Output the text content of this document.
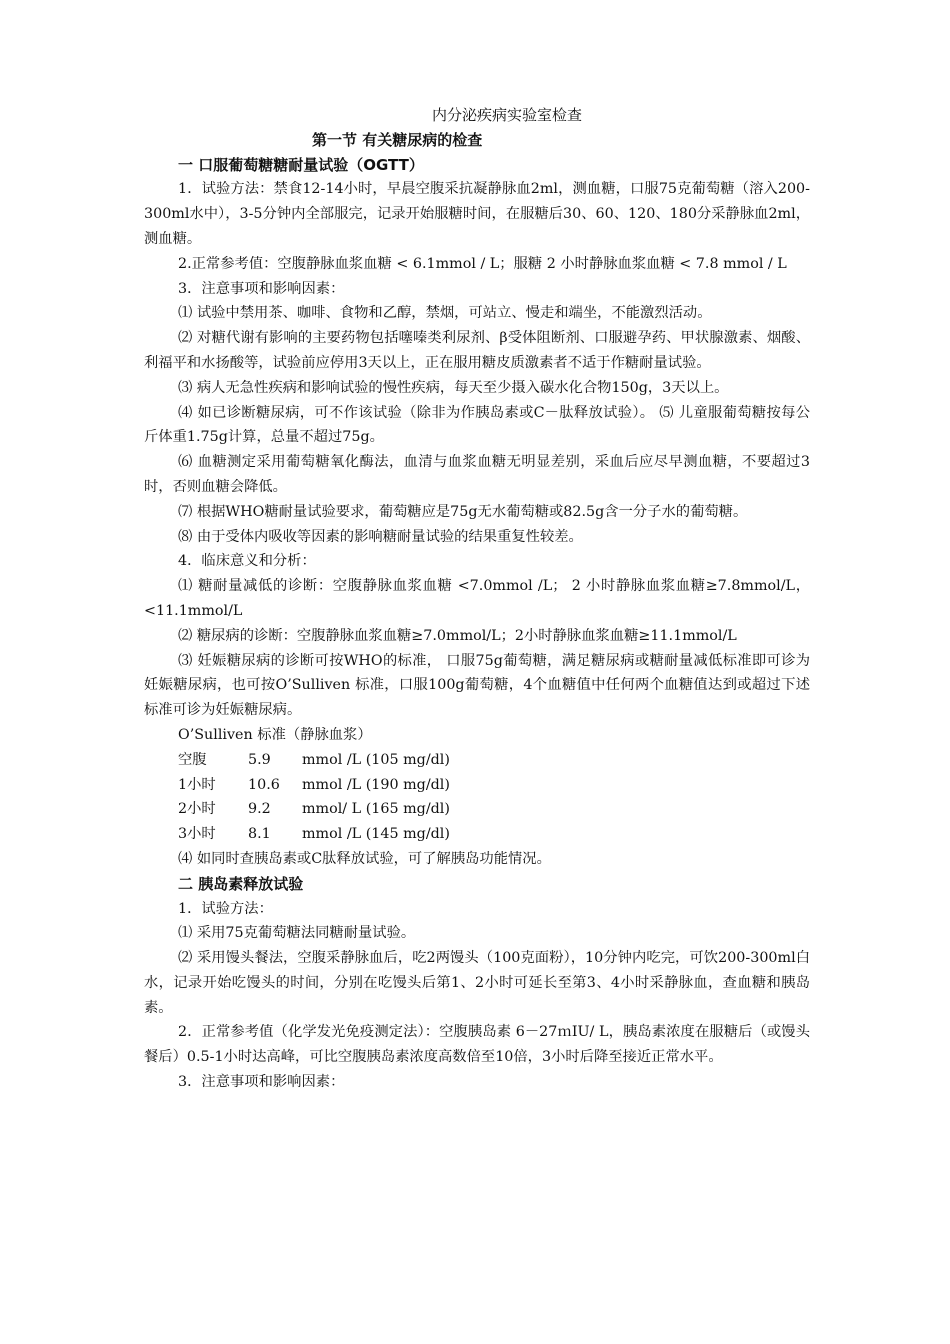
内分泌疾病实验室检查
第一节 有关糖尿病的检查
一 口服葡萄糖糖耐量试验（OGTT）

1．试验方法：禁食12-14小时，早晨空腹采抗凝静脉血2ml，测血糖，口服75克葡萄糖（溶入200-300ml水中），3-5分钟内全部服完，记录开始服糖时间，在服糖后30、60、120、180分采静脉血2ml，测血糖。

2.正常参考值：空腹静脉血浆血糖 < 6.1mmol / L；服糖 2 小时静脉血浆血糖 < 7.8 mmol / L

3．注意事项和影响因素：

⑴ 试验中禁用茶、咖啡、食物和乙醇，禁烟，可站立、慢走和端坐，不能激烈活动。

⑵ 对糖代谢有影响的主要药物包括噻嗪类利尿剂、β受体阻断剂、口服避孕药、甲状腺激素、烟酸、利福平和水扬酸等，试验前应停用3天以上，正在服用糖皮质激素者不适于作糖耐量试验。

⑶ 病人无急性疾病和影响试验的慢性疾病，每天至少摄入碳水化合物150g，3天以上。

⑷ 如已诊断糖尿病，可不作该试验（除非为作胰岛素或C－肽释放试验）。 ⑸ 儿童服葡萄糖按每公斤体重1.75g计算，总量不超过75g。

⑹ 血糖测定采用葡萄糖氧化酶法，血清与血浆血糖无明显差别，采血后应尽早测血糖，不要超过3时，否则血糖会降低。

⑺ 根据WHO糖耐量试验要求，葡萄糖应是75g无水葡萄糖或82.5g含一分子水的葡萄糖。

⑻ 由于受体内吸收等因素的影响糖耐量试验的结果重复性较差。

4．临床意义和分析：

⑴ 糖耐量减低的诊断：空腹静脉血浆血糖 <7.0mmol /L； 2 小时静脉血浆血糖≥7.8mmol/L，<11.1mmol/L

⑵ 糖尿病的诊断：空腹静脉血浆血糖≥7.0mmol/L；2小时静脉血浆血糖≥11.1mmol/L

⑶ 妊娠糖尿病的诊断可按WHO的标准， 口服75g葡萄糖，满足糖尿病或糖耐量减低标准即可诊为妊娠糖尿病，也可按O’Sulliven 标准，口服100g葡萄糖，4个血糖值中任何两个血糖值达到或超过下述标准可诊为妊娠糖尿病。

O’Sulliven 标准（静脉血浆）

空腹	5.9 mmol /L (105 mg/dl)
1小时 10.6 mmol /L (190 mg/dl)
2小时 9.2 mmol/ L (165 mg/dl)
3小时 8.1 mmol /L (145 mg/dl)

⑷ 如同时查胰岛素或C肽释放试验，可了解胰岛功能情况。

二 胰岛素释放试验

1．试验方法：

⑴ 采用75克葡萄糖法同糖耐量试验。

⑵ 采用馒头餐法，空腹采静脉血后，吃2两馒头（100克面粉），10分钟内吃完，可饮200-300ml白水，记录开始吃馒头的时间，分别在吃馒头后第1、2小时可延长至第3、4小时采静脉血，查血糖和胰岛素。

2．正常参考值（化学发光免疫测定法）：空腹胰岛素 6－27ｍIU/ L，胰岛素浓度在服糖后（或馒头餐后）0.5-1小时达高峰，可比空腹胰岛素浓度高数倍至10倍，3小时后降至接近正常水平。

3．注意事项和影响因素：
